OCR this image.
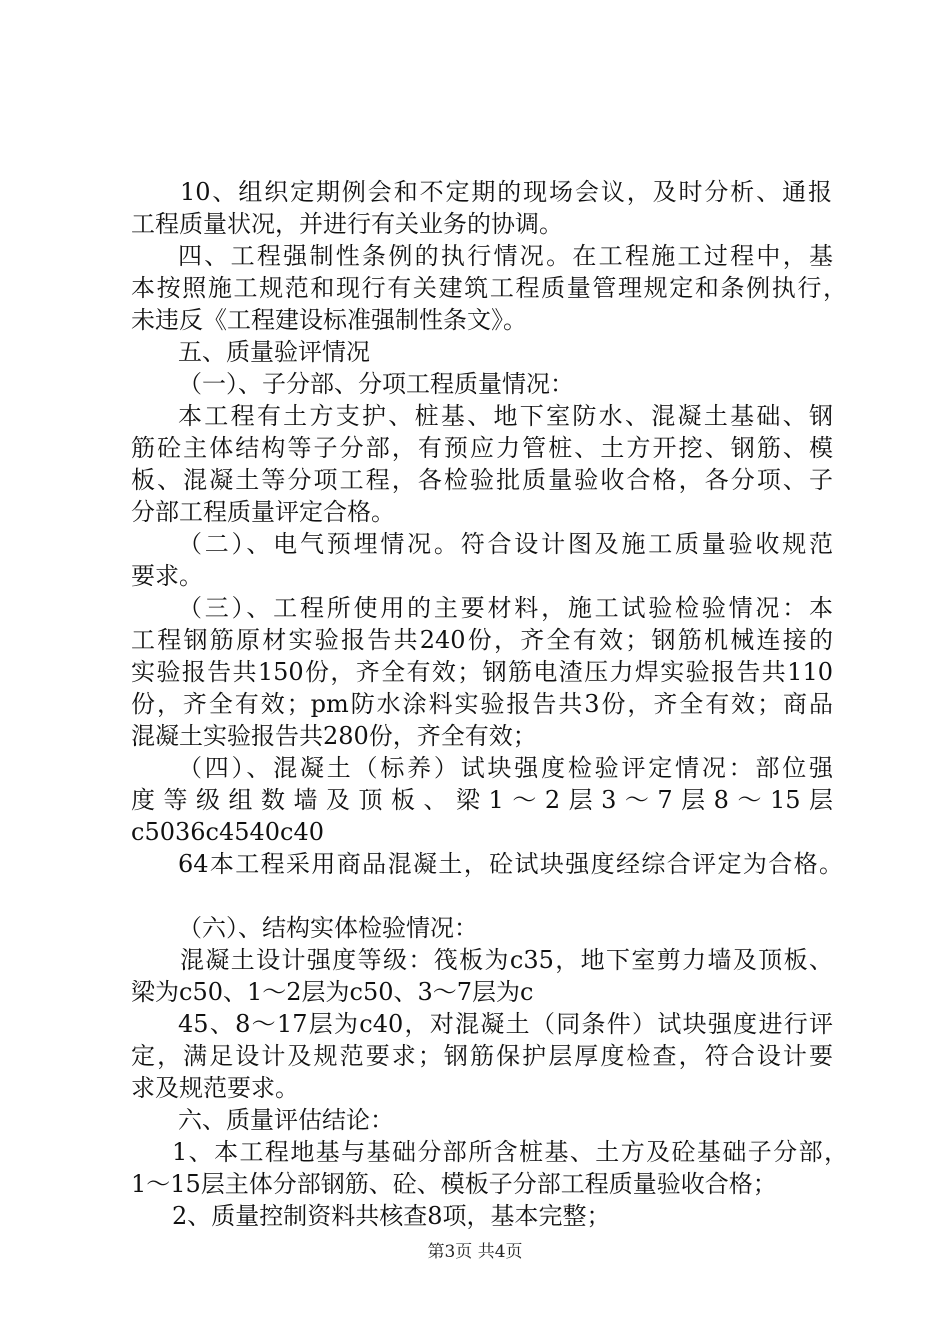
10、组织定期例会和不定期的现场会议，及时分析、通报
工程质量状况，并进行有关业务的协调。
四、工程强制性条例的执行情况。在工程施工过程中，基
本按照施工规范和现行有关建筑工程质量管理规定和条例执行，
未违反《工程建设标准强制性条文》。
五、质量验评情况
（一）、子分部、分项工程质量情况：
本工程有土方支护、桩基、地下室防水、混凝土基础、钢
筋砼主体结构等子分部，有预应力管桩、土方开挖、钢筋、模
板、混凝土等分项工程，各检验批质量验收合格，各分项、子
分部工程质量评定合格。
（二）、电气预埋情况。符合设计图及施工质量验收规范
要求。
（三）、工程所使用的主要材料，施工试验检验情况：本
工程钢筋原材实验报告共240份，齐全有效；钢筋机械连接的
实验报告共150份，齐全有效；钢筋电渣压力焊实验报告共110
份，齐全有效；pm防水涂料实验报告共3份，齐全有效；商品
混凝土实验报告共280份，齐全有效；
（四）、混凝土（标养）试块强度检验评定情况：部位强
度等级组数墙及顶板、梁1～2层3～7层8～15层
c5036c4540c40
64本工程采用商品混凝土，砼试块强度经综合评定为合格。
（六）、结构实体检验情况：
混凝土设计强度等级：筏板为c35，地下室剪力墙及顶板、
梁为c50、1～2层为c50、3～7层为c
45、8～17层为c40，对混凝土（同条件）试块强度进行评
定，满足设计及规范要求；钢筋保护层厚度检查，符合设计要
求及规范要求。
六、质量评估结论：
1、本工程地基与基础分部所含桩基、土方及砼基础子分部，
1～15层主体分部钢筋、砼、模板子分部工程质量验收合格；
2、质量控制资料共核查8项，基本完整；
第3页 共4页
